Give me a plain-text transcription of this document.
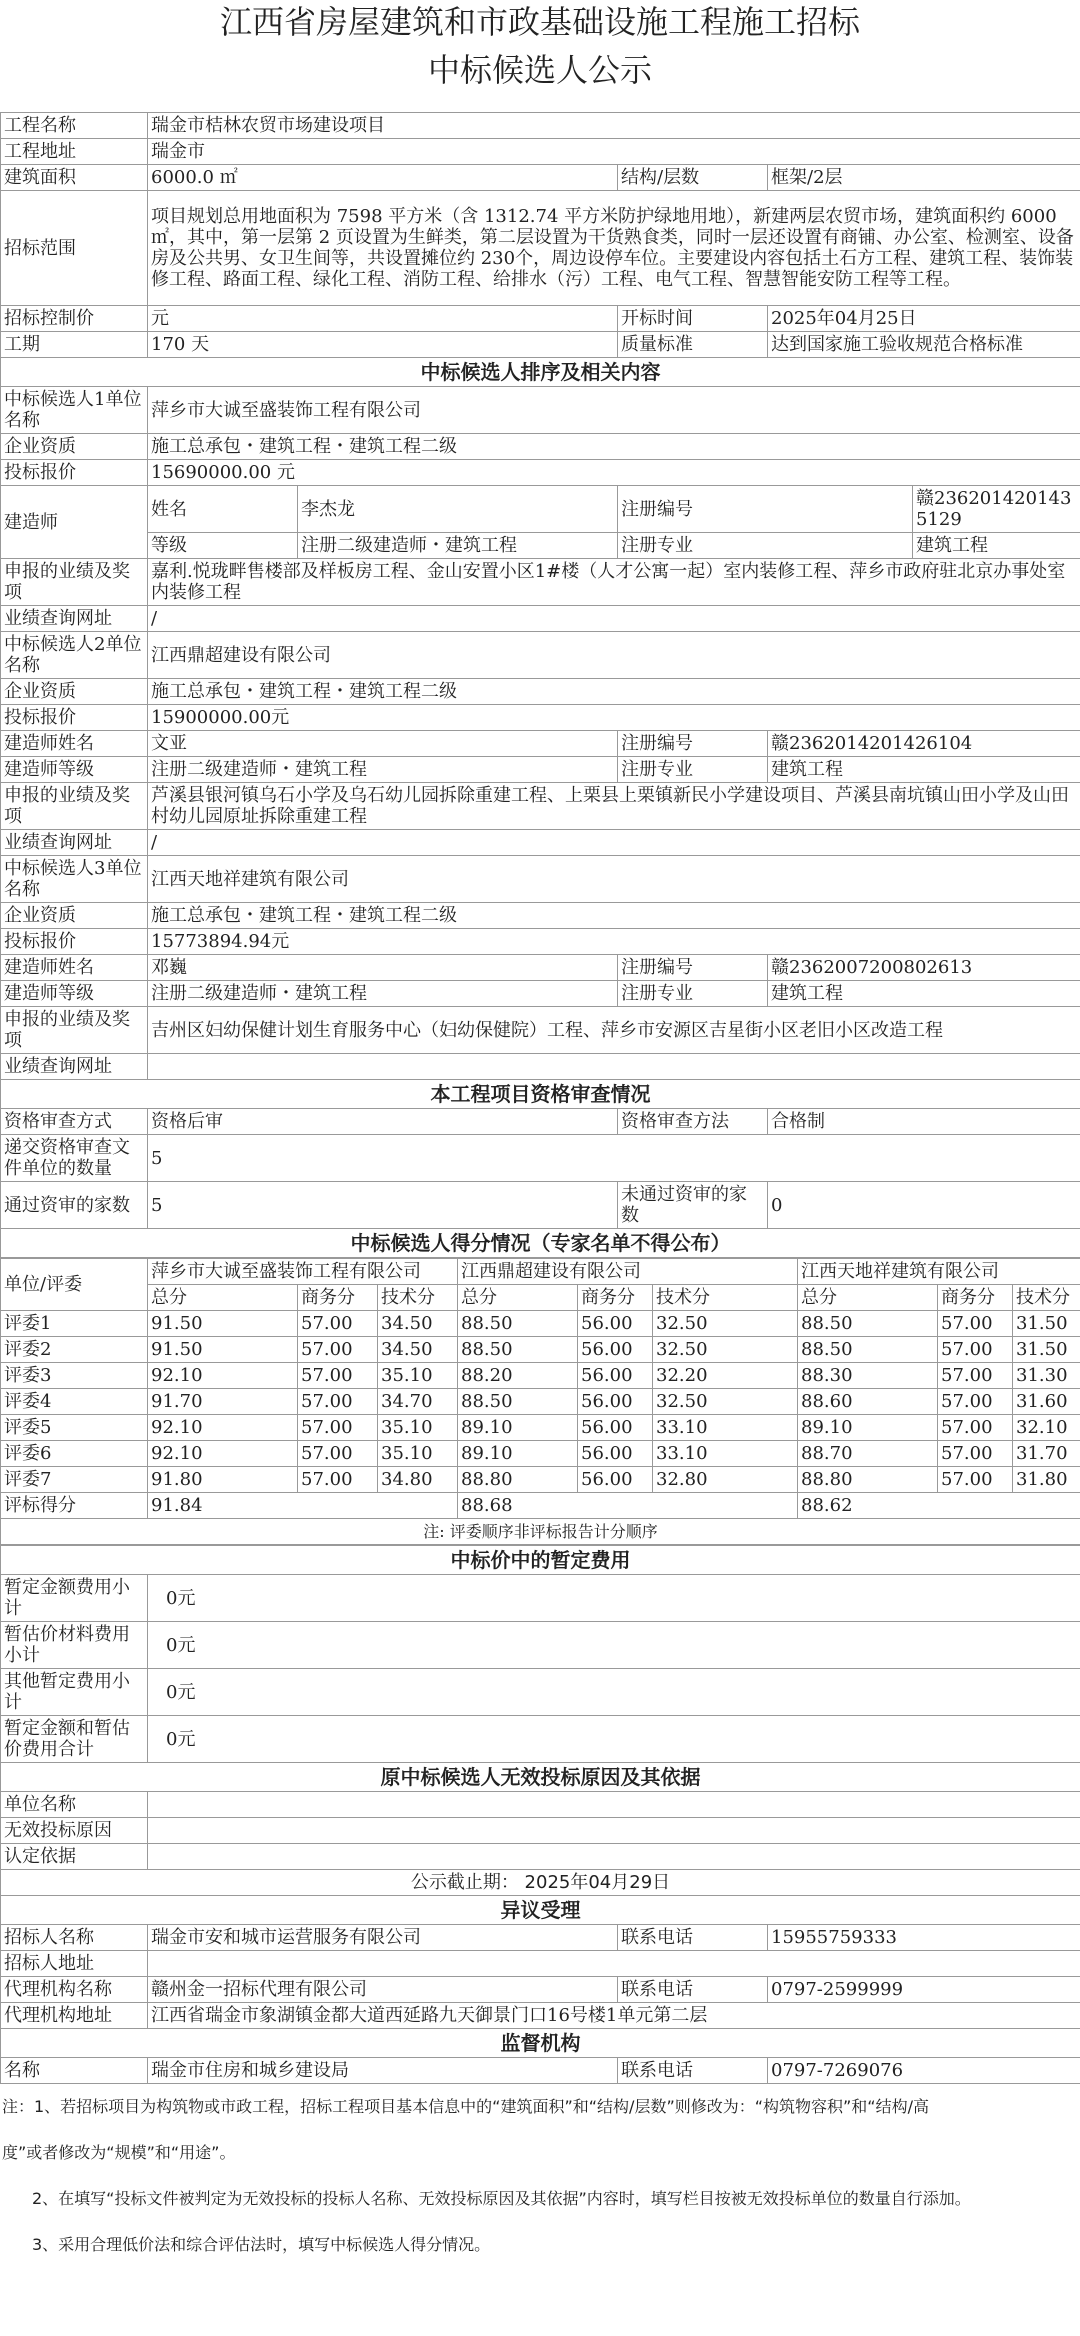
江西省房屋建筑和市政基础设施工程施工招标
中标候选人公示
工程名称	瑞金市桔林农贸市场建设项目				
工程地址	瑞金市				
建筑面积	6000.0 ㎡		结构/层数	框架/2层	
招标范围	项目规划总用地面积为 7598 平方米（含 1312.74 平方米防护绿地用地），新建两层农贸市场，建筑面积约 6000 ㎡，其中，第一层第 2 页设置为生鲜类，第二层设置为干货熟食类，同时一层还设置有商铺、办公室、检测室、设备房及公共男、女卫生间等，共设置摊位约 230个，周边设停车位。主要建设内容包括土石方工程、建筑工程、装饰装修工程、路面工程、绿化工程、消防工程、给排水（污）工程、电气工程、智慧智能安防工程等工程。				
招标控制价	元		开标时间	2025年04月25日	
工期	170 天		质量标准	达到国家施工验收规范合格标准	
中标候选人排序及相关内容					
中标候选人1单位名称	萍乡市大诚至盛装饰工程有限公司				
企业资质	施工总承包・建筑工程・建筑工程二级				
投标报价	15690000.00 元				
建造师	姓名	李杰龙	注册编号		赣2362014201435129
	等级	注册二级建造师・建筑工程	注册专业		建筑工程
申报的业绩及奖项	嘉利.悦珑畔售楼部及样板房工程、金山安置小区1#楼（人才公寓一起）室内装修工程、萍乡市政府驻北京办事处室内装修工程				
业绩查询网址	/				
中标候选人2单位名称	江西鼎超建设有限公司				
企业资质	施工总承包・建筑工程・建筑工程二级				
投标报价	15900000.00元				
建造师姓名	文亚		注册编号	赣2362014201426104	
建造师等级	注册二级建造师・建筑工程		注册专业	建筑工程	
申报的业绩及奖项	芦溪县银河镇乌石小学及乌石幼儿园拆除重建工程、上栗县上栗镇新民小学建设项目、芦溪县南坑镇山田小学及山田村幼儿园原址拆除重建工程				
业绩查询网址	/				
中标候选人3单位名称	江西天地祥建筑有限公司				
企业资质	施工总承包・建筑工程・建筑工程二级				
投标报价	15773894.94元				
建造师姓名	邓巍		注册编号	赣2362007200802613	
建造师等级	注册二级建造师・建筑工程		注册专业	建筑工程	
申报的业绩及奖项	吉州区妇幼保健计划生育服务中心（妇幼保健院）工程、萍乡市安源区吉星街小区老旧小区改造工程				
业绩查询网址					
本工程项目资格审查情况					
资格审查方式	资格后审		资格审查方法	合格制	
递交资格审查文件单位的数量	5				
通过资审的家数	5		未通过资审的家数	0	
中标候选人得分情况（专家名单不得公布）					
单位/评委	萍乡市大诚至盛装饰工程有限公司			江西鼎超建设有限公司			江西天地祥建筑有限公司		
	总分	商务分	技术分	总分	商务分	技术分	总分	商务分	技术分
评委1	91.50	57.00	34.50	88.50	56.00	32.50	88.50	57.00	31.50
评委2	91.50	57.00	34.50	88.50	56.00	32.50	88.50	57.00	31.50
评委3	92.10	57.00	35.10	88.20	56.00	32.20	88.30	57.00	31.30
评委4	91.70	57.00	34.70	88.50	56.00	32.50	88.60	57.00	31.60
评委5	92.10	57.00	35.10	89.10	56.00	33.10	89.10	57.00	32.10
评委6	92.10	57.00	35.10	89.10	56.00	33.10	88.70	57.00	31.70
评委7	91.80	57.00	34.80	88.80	56.00	32.80	88.80	57.00	31.80
评标得分	91.84			88.68			88.62		
注: 评委顺序非评标报告计分顺序									
中标价中的暂定费用			
暂定金额费用小计	0元		
暂估价材料费用小计	0元		
其他暂定费用小计	0元		
暂定金额和暂估价费用合计	0元		
原中标候选人无效投标原因及其依据			
单位名称			
无效投标原因			
认定依据			
公示截止期： 2025年04月29日			
异议受理			
招标人名称	瑞金市安和城市运营服务有限公司	联系电话	15955759333
招标人地址			
代理机构名称	赣州金一招标代理有限公司	联系电话	0797-2599999
代理机构地址	江西省瑞金市象湖镇金都大道西延路九天御景门口16号楼1单元第二层		
监督机构			
名称	瑞金市住房和城乡建设局	联系电话	0797-7269076
注：1、若招标项目为构筑物或市政工程，招标工程项目基本信息中的“建筑面积”和“结构/层数”则修改为：“构筑物容积”和“结构/高
度”或者修改为“规模”和“用途”。
2、在填写“投标文件被判定为无效投标的投标人名称、无效投标原因及其依据”内容时，填写栏目按被无效投标单位的数量自行添加。
3、采用合理低价法和综合评估法时，填写中标候选人得分情况。
